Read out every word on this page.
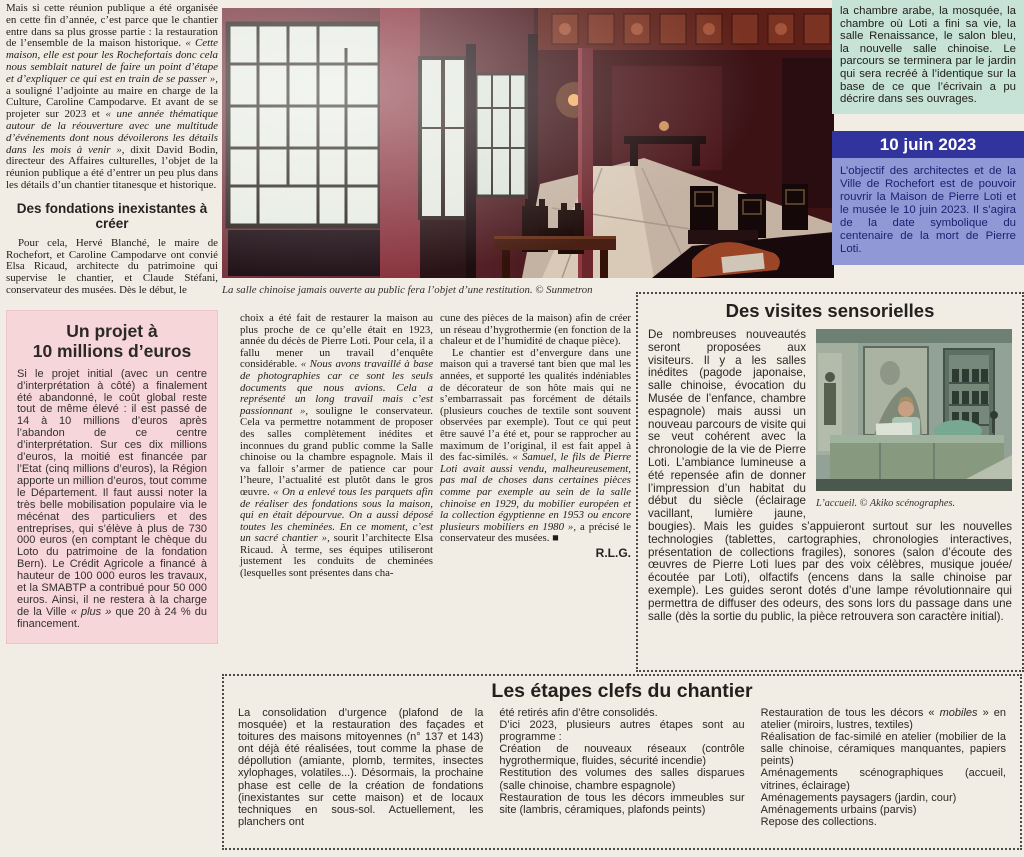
Mais si cette réunion publique a été organisée en cette fin d’année, c’est parce que le chantier entre dans sa plus grosse partie : la restauration de l’ensemble de la maison historique. « Cette maison, elle est pour les Rochefortais donc cela nous semblait naturel de faire un point d’étape et d’expliquer ce qui est en train de se passer », a souligné l’adjointe au maire en charge de la Culture, Caroline Campodarve. Et avant de se projeter sur 2023 et « une année thématique autour de la réouverture avec une multitude d’événements dont nous dévoilerons les détails dans les mois à venir », dixit David Bodin, directeur des Affaires culturelles, l’objet de la réunion publique a été d’entrer un peu plus dans les détails d’un chantier titanesque et historique.

Des fondations inexistantes à créer

Pour cela, Hervé Blanché, le maire de Rochefort, et Caroline Campodarve ont convié Elsa Ricaud, architecte du patrimoine qui supervise le chantier, et Claude Stéfani, conservateur des musées. Dès le début, le

Un projet à
10 millions d’euros

Si le projet initial (avec un centre d’interprétation à côté) a finalement été abandonné, le coût global reste tout de même élevé : il est passé de 14 à 10 millions d’euros après l’abandon de ce centre d’interprétation. Sur ces dix millions d’euros, la moitié est financée par l’Etat (cinq millions d’euros), la Région apporte un million d’euros, tout comme le Département. Il faut aussi noter la très belle mobilisation populaire via le mécénat des particuliers et des entreprises, qui s’élève à plus de 730 000 euros (en comptant le chèque du Loto du patrimoine de la fondation Bern). Le Crédit Agricole a financé à hauteur de 100 000 euros les travaux, et la SMABTP a contribué pour 50 000 euros. Ainsi, il ne restera à la charge de la Ville « plus » que 20 à 24 % du financement.

La salle chinoise jamais ouverte au public fera l’objet d’une restitution. © Sunmetron

choix a été fait de restaurer la maison au plus proche de ce qu’elle était en 1923, année du décès de Pierre Loti. Pour cela, il a fallu mener un travail d’enquête considérable. « Nous avons travaillé à base de photographies car ce sont les seuls documents que nous avions. Cela a représenté un long travail mais c’est passionnant », souligne le conservateur. Cela va permettre notamment de proposer des salles complètement inédites et inconnues du grand public comme la Salle chinoise ou la chambre espagnole. Mais il va falloir s’armer de patience car pour l’heure, l’actualité est plutôt dans le gros œuvre. « On a enlevé tous les parquets afin de réaliser des fondations sous la maison, qui en était dépourvue. On a aussi déposé toutes les cheminées. En ce moment, c’est un sacré chantier », sourit l’architecte Elsa Ricaud. À terme, ses équipes utiliseront justement les conduits de cheminées (lesquelles sont présentes dans cha-

cune des pièces de la maison) afin de créer un réseau d’hygrothermie (en fonction de la chaleur et de l’humidité de chaque pièce).

Le chantier est d’envergure dans une maison qui a traversé tant bien que mal les années, et supporté les qualités indéniables de décorateur de son hôte mais qui ne s’embarrassait pas forcément de détails (plusieurs couches de textile sont souvent observées par exemple). Tout ce qui peut être sauvé l’a été et, pour se rapprocher au maximum de l’original, il est fait appel à des fac-similés. « Samuel, le fils de Pierre Loti avait aussi vendu, malheureusement, pas mal de choses dans certaines pièces comme par exemple au sein de la salle chinoise en 1929, du mobilier européen et la collection égyptienne en 1953 ou encore plusieurs mobiliers en 1980 », a précisé le conservateur des musées. ■

R.L.G.

la chambre arabe, la mosquée, la chambre où Loti a fini sa vie, la salle Renaissance, le salon bleu, la nouvelle salle chinoise. Le parcours se terminera par le jardin qui sera recréé à l’identique sur la base de ce que l’écrivain a pu décrire dans ses ouvrages.

10 juin 2023

L’objectif des architectes et de la Ville de Rochefort est de pouvoir rouvrir la Maison de Pierre Loti et le musée le 10 juin 2023. Il s’agira de la date symbolique du centenaire de la mort de Pierre Loti.

Des visites sensorielles
L’accueil. © Akiko scénographes.

De nombreuses nouveautés seront proposées aux visiteurs. Il y a les salles inédites (pagode japonaise, salle chinoise, évocation du Musée de l’enfance, chambre espagnole) mais aussi un nouveau parcours de visite qui se veut cohérent avec la chronologie de la vie de Pierre Loti. L’ambiance lumineuse a été repensée afin de donner l’impression d’un habitat du début du siècle (éclairage vacillant, lumière jaune, bougies). Mais les guides s’appuieront surtout sur les nouvelles technologies (tablettes, cartographies, chronologies interactives, présentation de collections fragiles), sonores (salon d’écoute des œuvres de Pierre Loti lues par des voix célèbres, musique jouée/écoutée par Loti), olfactifs (encens dans la salle chinoise par exemple). Les guides seront dotés d’une lampe révolutionnaire qui permettra de diffuser des odeurs, des sons lors du passage dans une salle (dès la sortie du public, la pièce retrouvera son caractère initial).

Les étapes clefs du chantier

La consolidation d’urgence (plafond de la mosquée) et la restauration des façades et toitures des maisons mitoyennes (n° 137 et 143) ont déjà été réalisées, tout comme la phase de dépollution (amiante, plomb, termites, insectes xylophages, volatiles...). Désormais, la prochaine phase est celle de la création de fondations (inexistantes sur cette maison) et de locaux techniques en sous-sol. Actuellement, les planchers ont

été retirés afin d’être consolidés.

D’ici 2023, plusieurs autres étapes sont au programme :

Création de nouveaux réseaux (contrôle hygrothermique, fluides, sécurité incendie)

Restitution des volumes des salles disparues (salle chinoise, chambre espagnole)

Restauration de tous les décors immeubles sur site (lambris, céramiques, plafonds peints)

Restauration de tous les décors « mobiles » en atelier (miroirs, lustres, textiles)

Réalisation de fac-similé en atelier (mobilier de la salle chinoise, céramiques manquantes, papiers peints)

Aménagements scénographiques (accueil, vitrines, éclairage)

Aménagements paysagers (jardin, cour)

Aménagements urbains (parvis)

Repose des collections.
